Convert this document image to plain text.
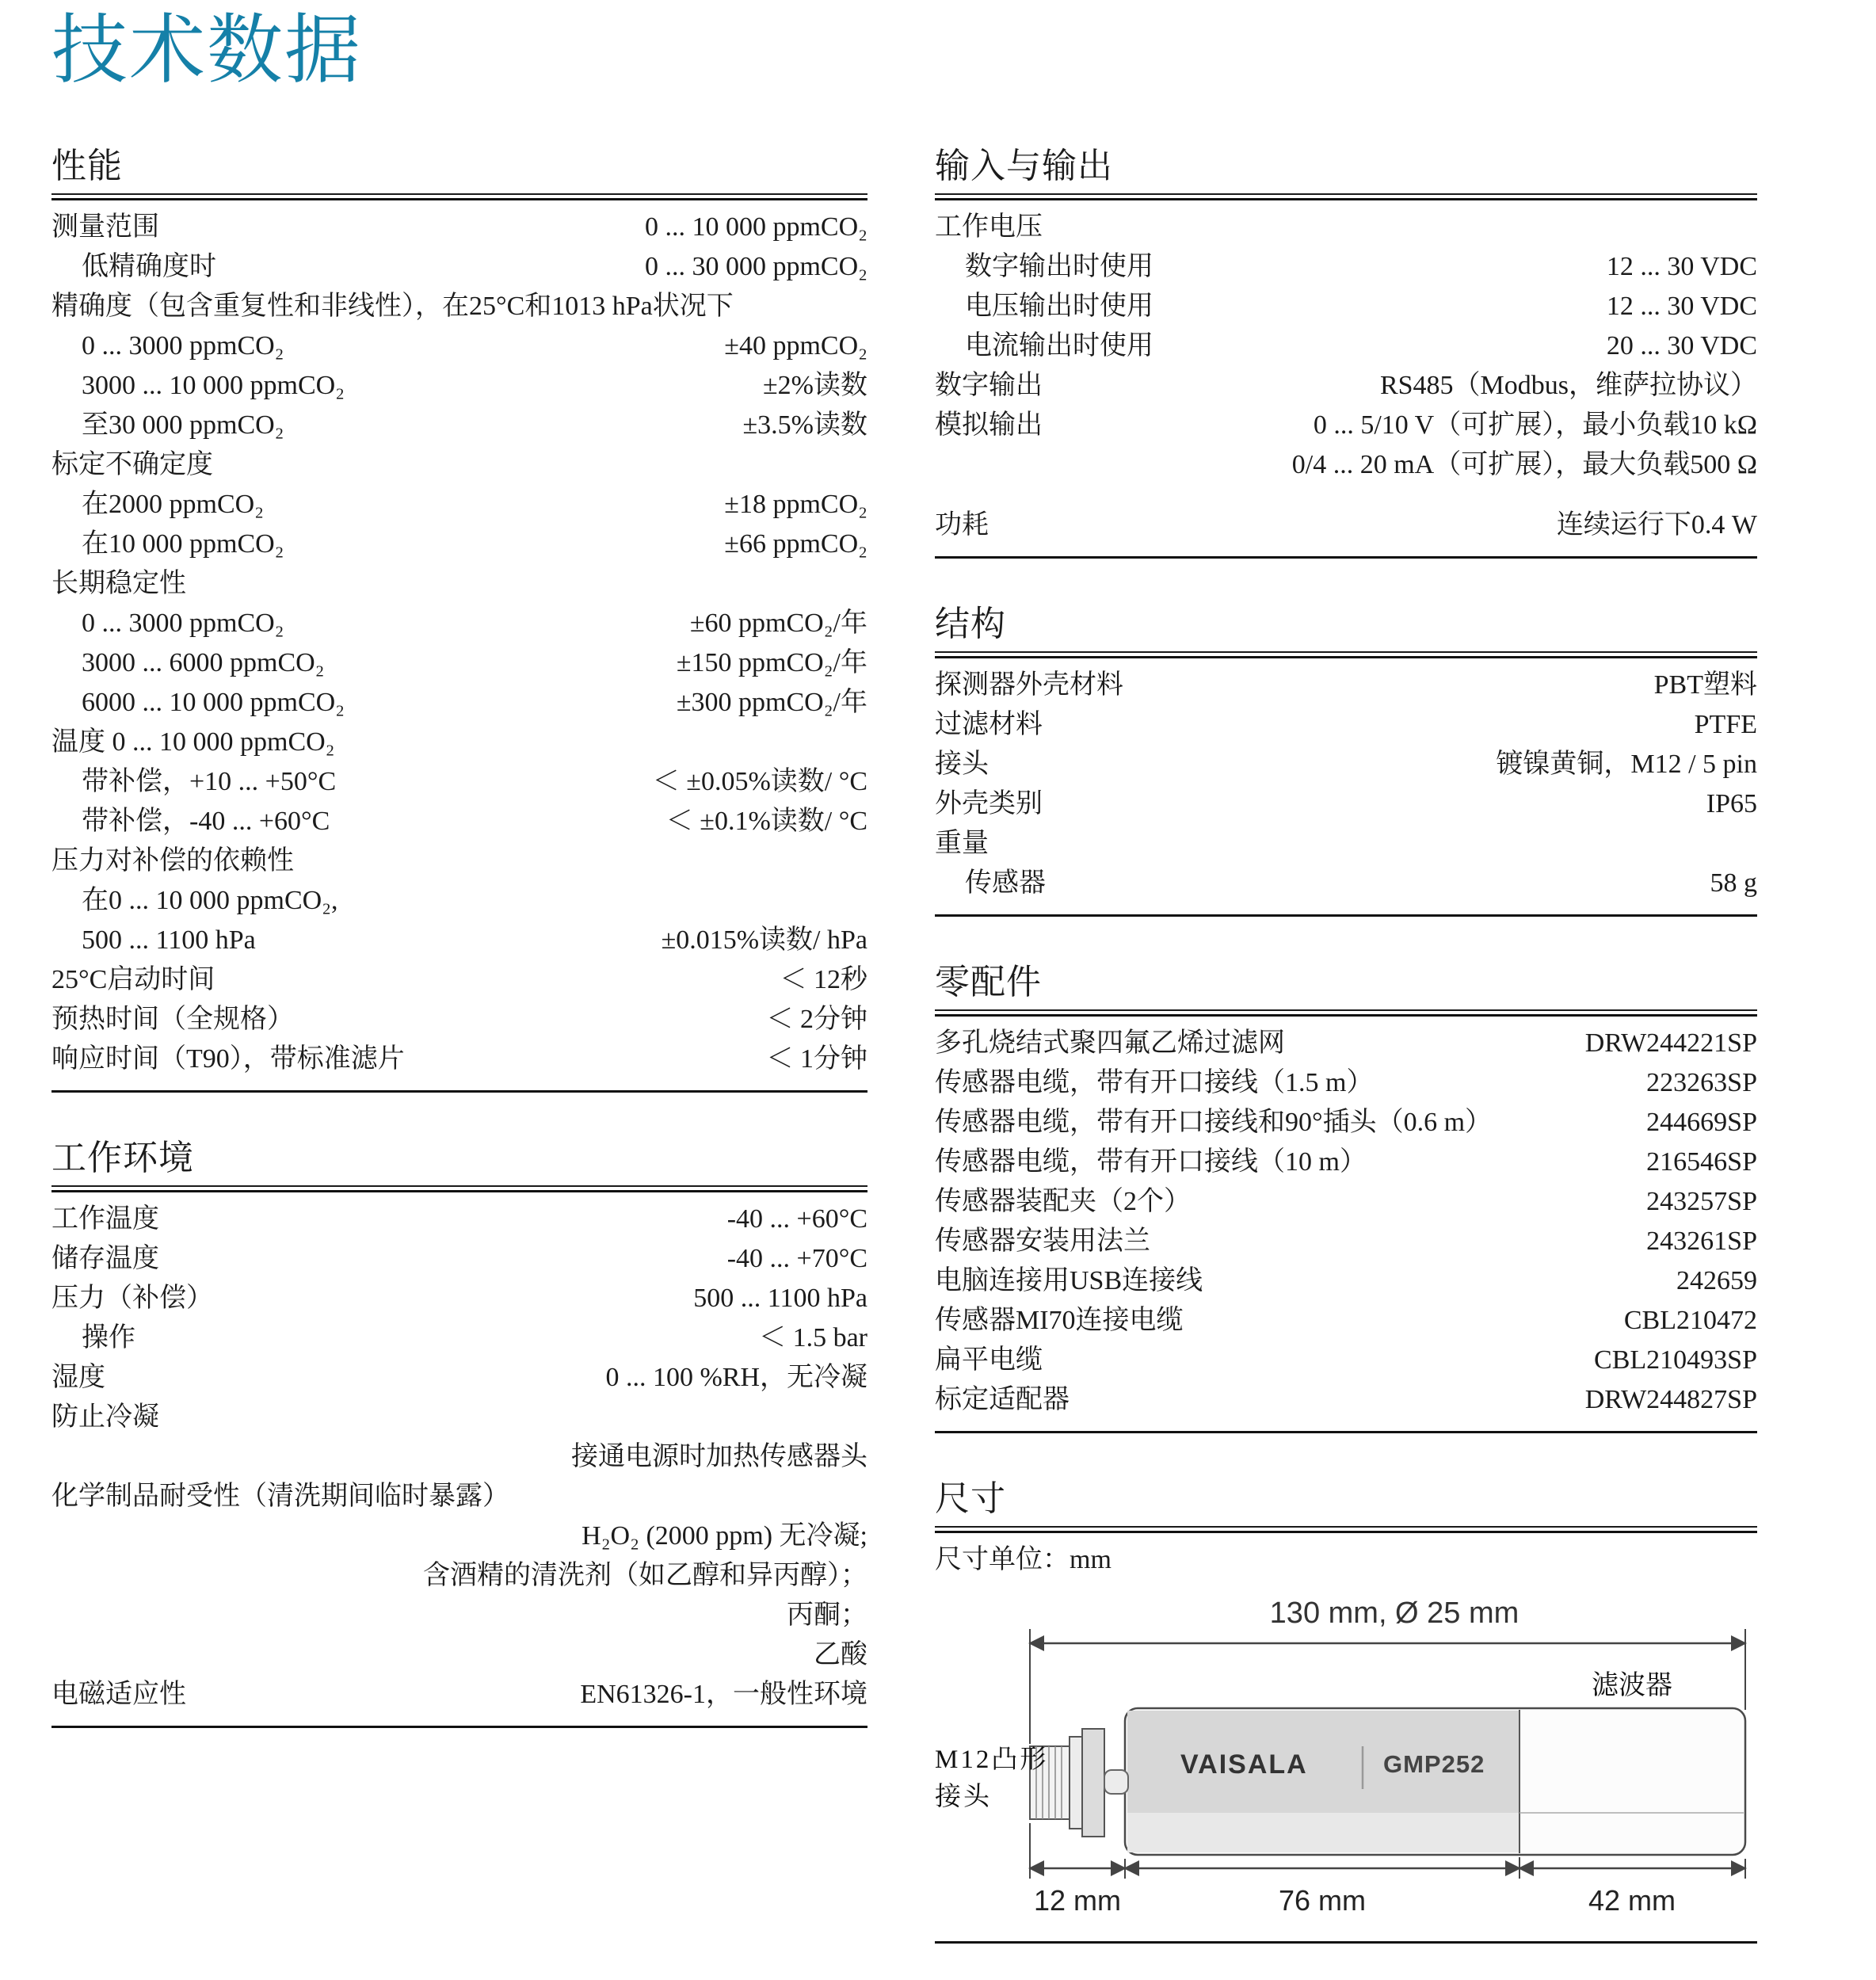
技术数据
性能
测量范围	0 ... 10 000 ppmCO₂
低精确度时	0 ... 30 000 ppmCO₂
精确度（包含重复性和非线性），在25°C和1013 hPa状况下
0 ... 3000 ppmCO₂	±40 ppmCO₂
3000 ... 10 000 ppmCO₂	±2%读数
至30 000 ppmCO₂	±3.5%读数
标定不确定度
在2000 ppmCO₂	±18 ppmCO₂
在10 000 ppmCO₂	±66 ppmCO₂
长期稳定性
0 ... 3000 ppmCO₂	±60 ppmCO₂/年
3000 ... 6000 ppmCO₂	±150 ppmCO₂/年
6000 ... 10 000 ppmCO₂	±300 ppmCO₂/年
温度 0 ... 10 000 ppmCO₂
带补偿，+10 ... +50°C	＜ ±0.05%读数/ °C
带补偿，-40 ... +60°C	＜ ±0.1%读数/ °C
压力对补偿的依赖性
在0 ... 10 000 ppmCO₂,
500 ... 1100 hPa	±0.015%读数/ hPa
25°C启动时间	＜ 12秒
预热时间（全规格）	＜ 2分钟
响应时间（T90），带标准滤片	＜ 1分钟
工作环境
工作温度	-40 ... +60°C
储存温度	-40 ... +70°C
压力（补偿）	500 ... 1100 hPa
操作	＜ 1.5 bar
湿度	0 ... 100 %RH，无冷凝
防止冷凝
接通电源时加热传感器头
化学制品耐受性（清洗期间临时暴露）
H₂O₂ (2000 ppm) 无冷凝;
含酒精的清洗剂（如乙醇和异丙醇）；
丙酮；
乙酸
电磁适应性	EN61326-1，一般性环境
输入与输出
工作电压
数字输出时使用	12 ... 30 VDC
电压输出时使用	12 ... 30 VDC
电流输出时使用	20 ... 30 VDC
数字输出	RS485（Modbus，维萨拉协议）
模拟输出	0 ... 5/10 V（可扩展），最小负载10 kΩ
0/4 ... 20 mA（可扩展），最大负载500 Ω
功耗	连续运行下0.4 W
结构
探测器外壳材料	PBT塑料
过滤材料	PTFE
接头	镀镍黄铜，M12 / 5 pin
外壳类别	IP65
重量
传感器	58 g
零配件
多孔烧结式聚四氟乙烯过滤网	DRW244221SP
传感器电缆，带有开口接线（1.5 m）	223263SP
传感器电缆，带有开口接线和90°插头（0.6 m）	244669SP
传感器电缆，带有开口接线（10 m）	216546SP
传感器装配夹（2个）	243257SP
传感器安装用法兰	243261SP
电脑连接用USB连接线	242659
传感器MI70连接电缆	CBL210472
扁平电缆	CBL210493SP
标定适配器	DRW244827SP
尺寸
尺寸单位：mm
130 mm, Ø 25 mm
滤波器
VAISALA	GMP252
M12凸形
接头
12 mm	76 mm	42 mm
